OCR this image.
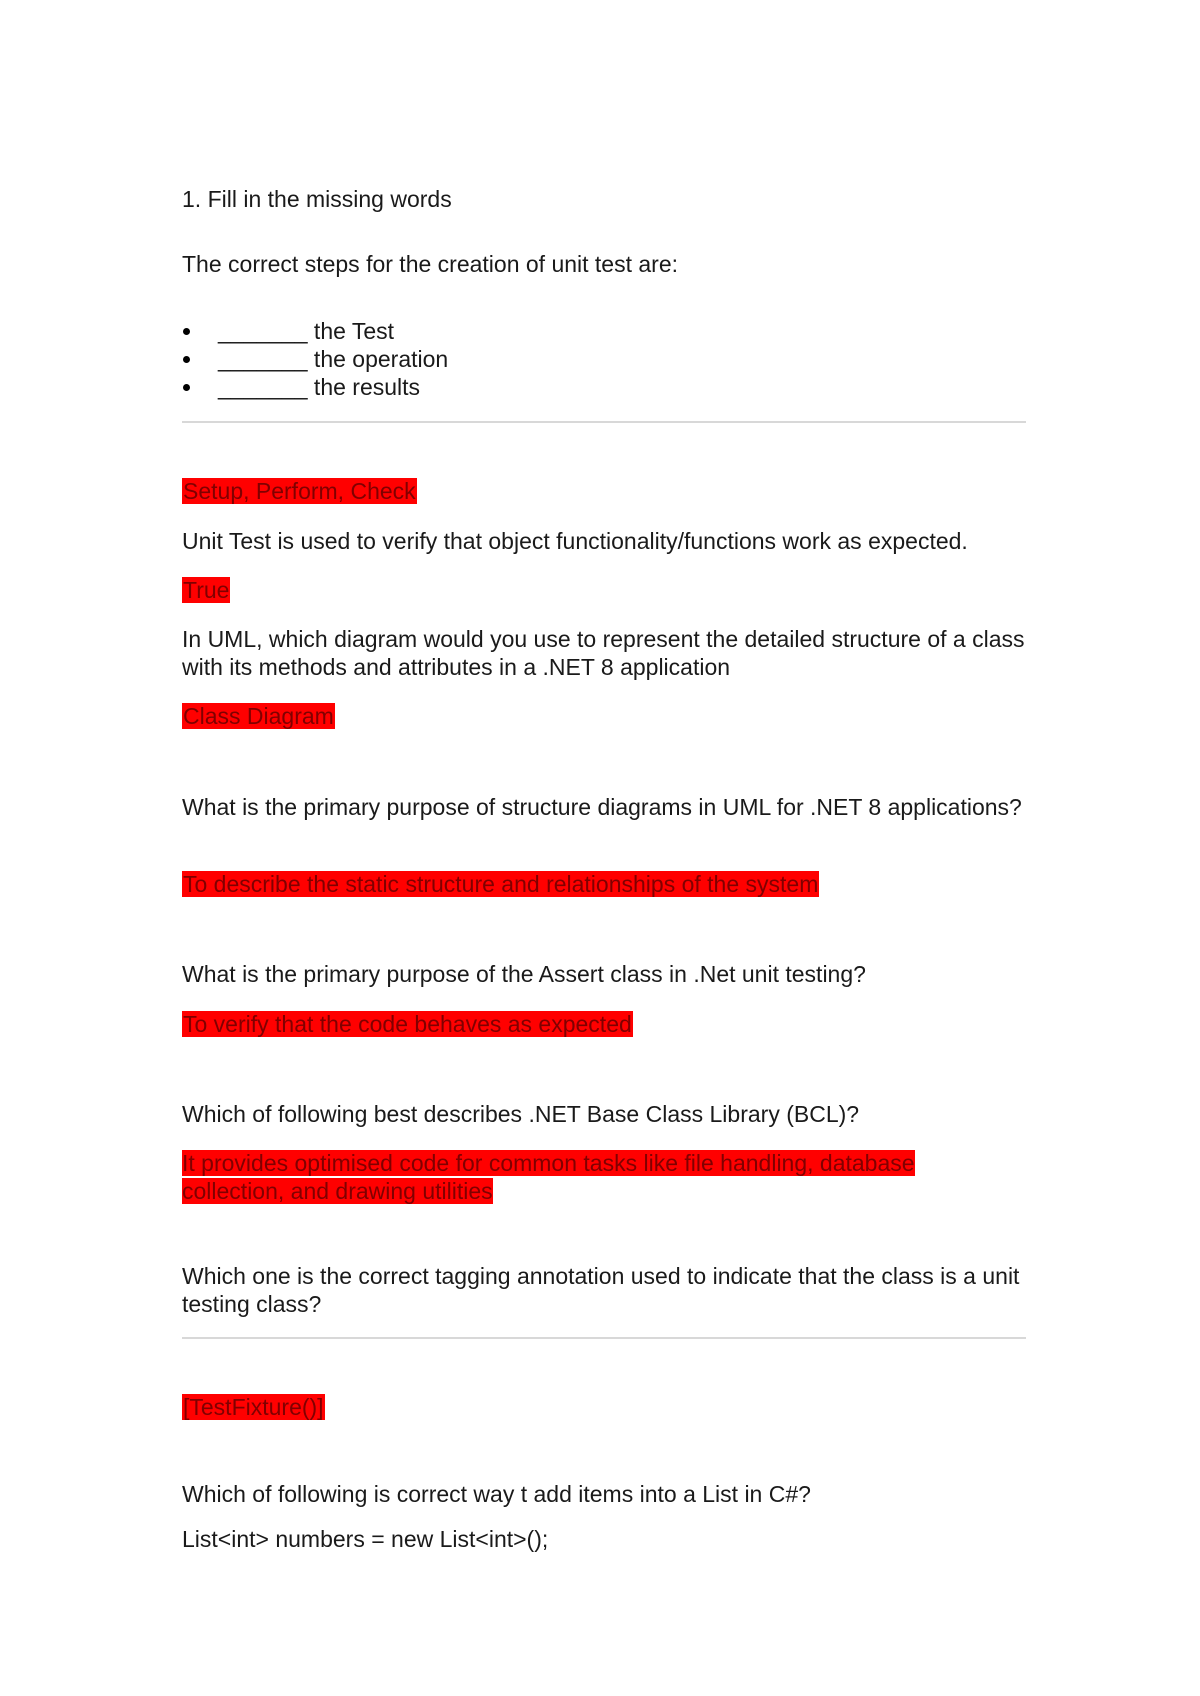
1. Fill in the missing words
The correct steps for the creation of unit test are:
_______ the Test
_______ the operation
_______ the results
Setup, Perform, Check
Unit Test is used to verify that object functionality/functions work as expected.
True
In UML, which diagram would you use to represent the detailed structure of a class with its methods and attributes in a .NET 8 application
Class Diagram
What is the primary purpose of structure diagrams in UML for .NET 8 applications?
To describe the static structure and relationships of the system
What is the primary purpose of the Assert class in .Net unit testing?
To verify that the code behaves as expected
Which of following best describes .NET Base Class Library (BCL)?
It provides optimised code for common tasks like file handling, database collection, and drawing utilities
Which one is the correct tagging annotation used to indicate that the class is a unit testing class?
[TestFixture()]
Which of following is correct way t add items into a List in C#?
List<int> numbers = new List<int>();
